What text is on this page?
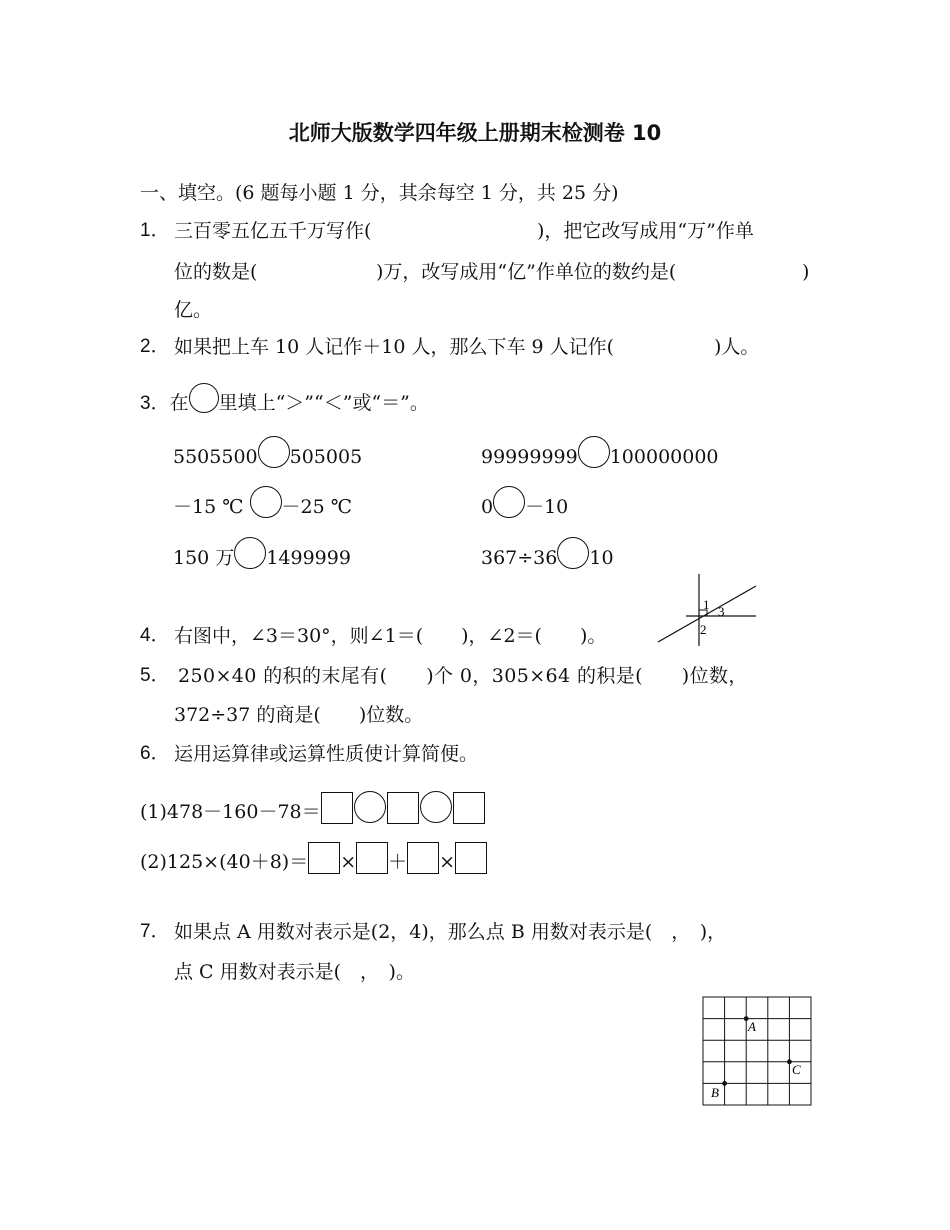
北师大版数学四年级上册期末检测卷 10
一、填空。(6 题每小题 1 分，其余每空 1 分，共 25 分)
1． 三百零五亿五千万写作(	)，把它改写成用“万”作单
位的数是(	)万，改写成用“亿”作单位的数约是(	)
亿。
2． 如果把上车 10 人记作＋10 人，那么下车 9 人记作(	)人。
3．在 里填上“＞”“＜”或“＝”。
5505500 505005	99999999 100000000
－15 ℃ －25 ℃	0 －10
150 万 1499999	367÷36 10
4． 右图中，∠3＝30°，则∠1＝(　　)，∠2＝(　　)。
1 3
2
5． 250×40 的积的末尾有(　　)个 0，305×64 的积是(　　)位数，
372÷37 的商是(　　)位数。
6． 运用运算律或运算性质使计算简便。
(1)478－160－78＝
(2)125×(40＋8)＝ × ＋ ×
7． 如果点 A 用数对表示是(2，4)，那么点 B 用数对表示是(　，　)，
点 C 用数对表示是(　，　)。
A
B
C
